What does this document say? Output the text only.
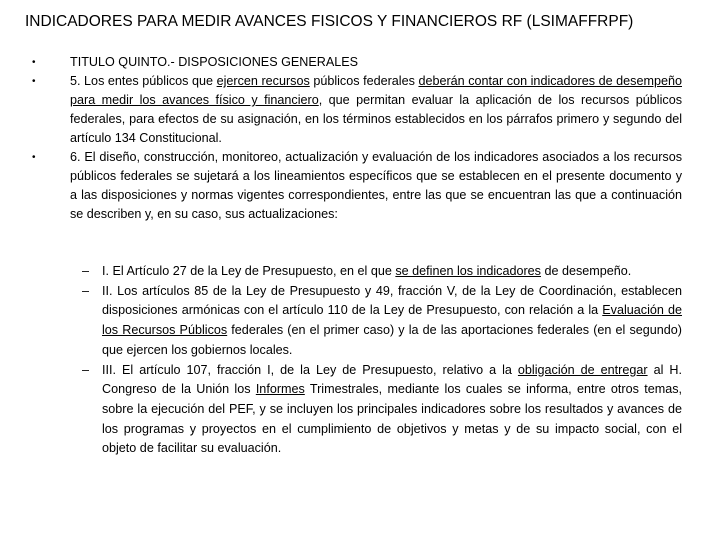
INDICADORES PARA MEDIR AVANCES FISICOS Y FINANCIEROS RF (LSIMAFFRPF)
•	TITULO QUINTO.- DISPOSICIONES GENERALES
•	5. Los entes públicos que ejercen recursos públicos federales deberán contar con indicadores de desempeño para medir los avances físico y financiero, que permitan evaluar la aplicación de los recursos públicos federales, para efectos de su asignación, en los términos establecidos en los párrafos primero y segundo del artículo 134 Constitucional.
•	6. El diseño, construcción, monitoreo, actualización y evaluación de los indicadores asociados a los recursos públicos federales se sujetará a los lineamientos específicos que se establecen en el presente documento y a las disposiciones y normas vigentes correspondientes, entre las que se encuentran las que a continuación se describen y, en su caso, sus actualizaciones:
– I. El Artículo 27 de la Ley de Presupuesto, en el que se definen los indicadores de desempeño.
– II. Los artículos 85 de la Ley de Presupuesto y 49, fracción V, de la Ley de Coordinación, establecen disposiciones armónicas con el artículo 110 de la Ley de Presupuesto, con relación a la Evaluación de los Recursos Públicos federales (en el primer caso) y la de las aportaciones federales (en el segundo) que ejercen los gobiernos locales.
– III. El artículo 107, fracción I, de la Ley de Presupuesto, relativo a la obligación de entregar al H. Congreso de la Unión los Informes Trimestrales, mediante los cuales se informa, entre otros temas, sobre la ejecución del PEF, y se incluyen los principales indicadores sobre los resultados y avances de los programas y proyectos en el cumplimiento de objetivos y metas y de su impacto social, con el objeto de facilitar su evaluación.
